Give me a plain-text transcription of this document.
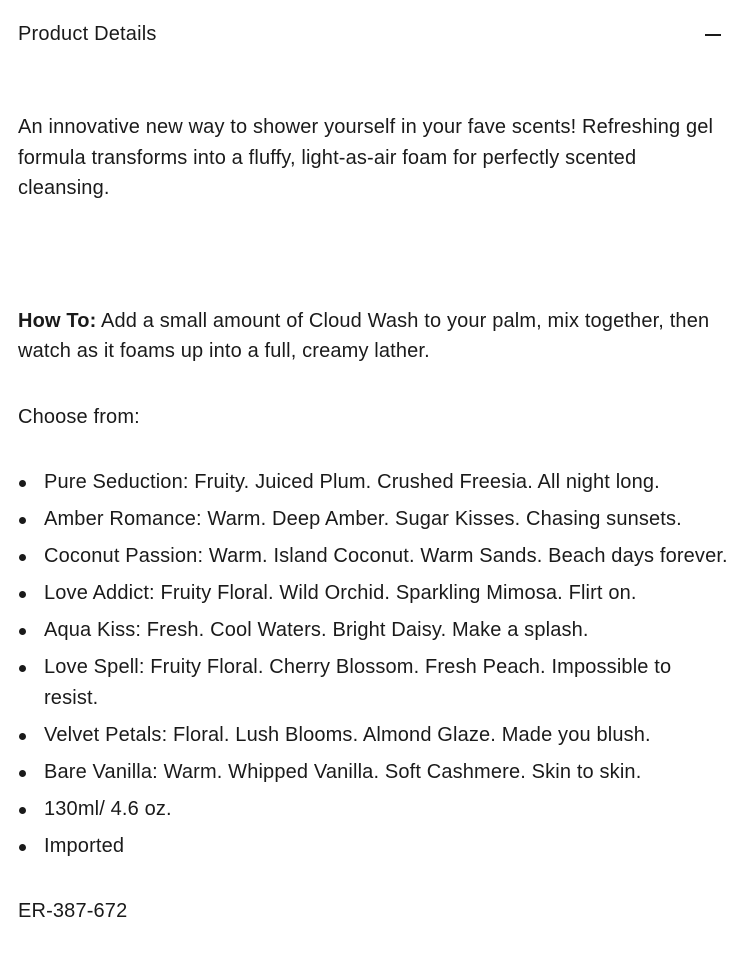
Product Details

An innovative new way to shower yourself in your fave scents! Refreshing gel formula transforms into a fluffy, light-as-air foam for perfectly scented cleansing.

How To: Add a small amount of Cloud Wash to your palm, mix together, then watch as it foams up into a full, creamy lather.

Choose from:

Pure Seduction: Fruity. Juiced Plum. Crushed Freesia. All night long.
Amber Romance: Warm. Deep Amber. Sugar Kisses. Chasing sunsets.
Coconut Passion: Warm. Island Coconut. Warm Sands. Beach days forever.
Love Addict: Fruity Floral. Wild Orchid. Sparkling Mimosa. Flirt on.
Aqua Kiss: Fresh. Cool Waters. Bright Daisy. Make a splash.
Love Spell: Fruity Floral. Cherry Blossom. Fresh Peach. Impossible to resist.
Velvet Petals: Floral. Lush Blooms. Almond Glaze. Made you blush.
Bare Vanilla: Warm. Whipped Vanilla. Soft Cashmere. Skin to skin.
130ml/ 4.6 oz.
Imported

ER-387-672
